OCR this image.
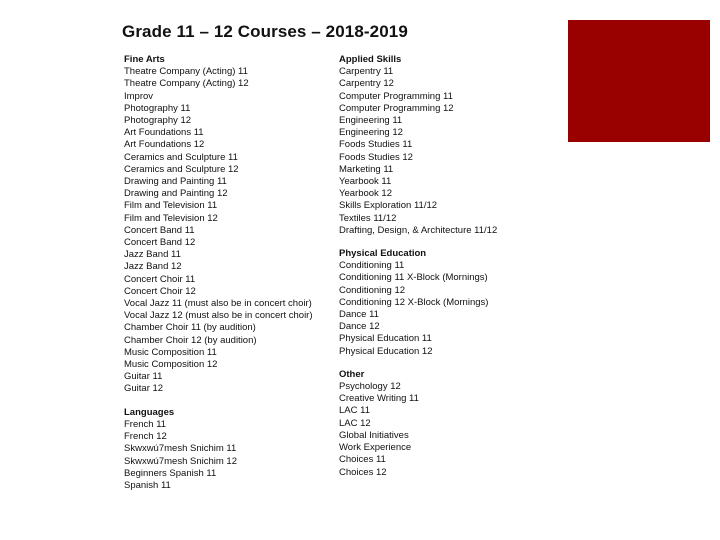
Grade 11 – 12 Courses – 2018-2019
Fine Arts
Theatre Company (Acting) 11
Theatre Company (Acting) 12
Improv
Photography 11
Photography 12
Art Foundations 11
Art Foundations 12
Ceramics and Sculpture 11
Ceramics and Sculpture 12
Drawing and Painting 11
Drawing and Painting 12
Film and Television 11
Film and Television 12
Concert Band 11
Concert Band 12
Jazz Band 11
Jazz Band 12
Concert Choir 11
Concert Choir 12
Vocal Jazz 11 (must also be in concert choir)
Vocal Jazz 12 (must also be in concert choir)
Chamber Choir 11 (by audition)
Chamber Choir 12 (by audition)
Music Composition 11
Music Composition 12
Guitar 11
Guitar 12
Languages
French 11
French 12
Skwxwú7mesh Snichim 11
Skwxwú7mesh Snichim 12
Beginners Spanish 11
Spanish 11
Applied Skills
Carpentry 11
Carpentry 12
Computer Programming 11
Computer Programming 12
Engineering 11
Engineering 12
Foods Studies 11
Foods Studies 12
Marketing 11
Yearbook 11
Yearbook 12
Skills Exploration 11/12
Textiles 11/12
Drafting, Design, & Architecture 11/12
Physical Education
Conditioning 11
Conditioning 11 X-Block (Mornings)
Conditioning 12
Conditioning 12 X-Block (Mornings)
Dance 11
Dance 12
Physical Education 11
Physical Education 12
Other
Psychology 12
Creative Writing 11
LAC 11
LAC 12
Global Initiatives
Work Experience
Choices 11
Choices 12
